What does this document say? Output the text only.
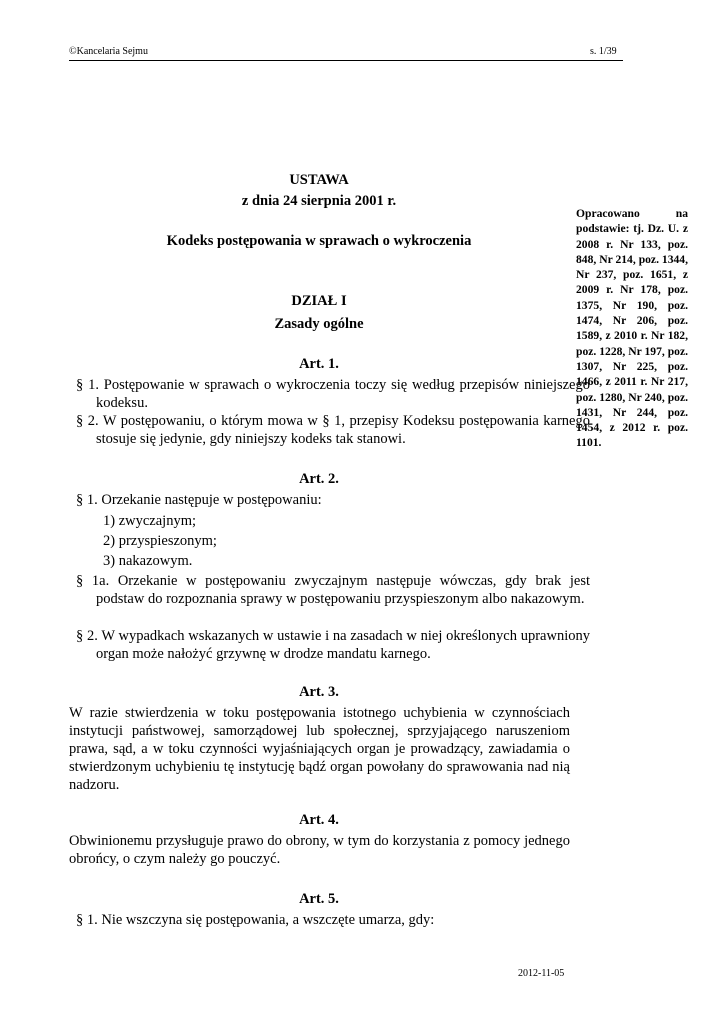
©Kancelaria Sejmu	s. 1/39
USTAWA
z dnia 24 sierpnia 2001 r.
Kodeks postępowania w sprawach o wykroczenia
DZIAŁ I
Zasady ogólne
Opracowano na podstawie: tj. Dz. U. z 2008 r. Nr 133, poz. 848, Nr 214, poz. 1344, Nr 237, poz. 1651, z 2009 r. Nr 178, poz. 1375, Nr 190, poz. 1474, Nr 206, poz. 1589, z 2010 r. Nr 182, poz. 1228, Nr 197, poz. 1307, Nr 225, poz. 1466, z 2011 r. Nr 217, poz. 1280, Nr 240, poz. 1431, Nr 244, poz. 1454, z 2012 r. poz. 1101.
Art. 1.
§ 1. Postępowanie w sprawach o wykroczenia toczy się według przepisów niniejszego kodeksu.
§ 2. W postępowaniu, o którym mowa w § 1, przepisy Kodeksu postępowania karnego stosuje się jedynie, gdy niniejszy kodeks tak stanowi.
Art. 2.
§ 1. Orzekanie następuje w postępowaniu:
1) zwyczajnym;
2) przyspieszonym;
3) nakazowym.
§ 1a. Orzekanie w postępowaniu zwyczajnym następuje wówczas, gdy brak jest podstaw do rozpoznania sprawy w postępowaniu przyspieszonym albo nakazowym.
§ 2. W wypadkach wskazanych w ustawie i na zasadach w niej określonych uprawniony organ może nałożyć grzywnę w drodze mandatu karnego.
Art. 3.
W razie stwierdzenia w toku postępowania istotnego uchybienia w czynnościach instytucji państwowej, samorządowej lub społecznej, sprzyjającego naruszeniom prawa, sąd, a w toku czynności wyjaśniających organ je prowadzący, zawiadamia o stwierdzonym uchybieniu tę instytucję bądź organ powołany do sprawowania nad nią nadzoru.
Art. 4.
Obwinionemu przysługuje prawo do obrony, w tym do korzystania z pomocy jednego obrońcy, o czym należy go pouczyć.
Art. 5.
§ 1. Nie wszczyna się postępowania, a wszczęte umarza, gdy:
2012-11-05
